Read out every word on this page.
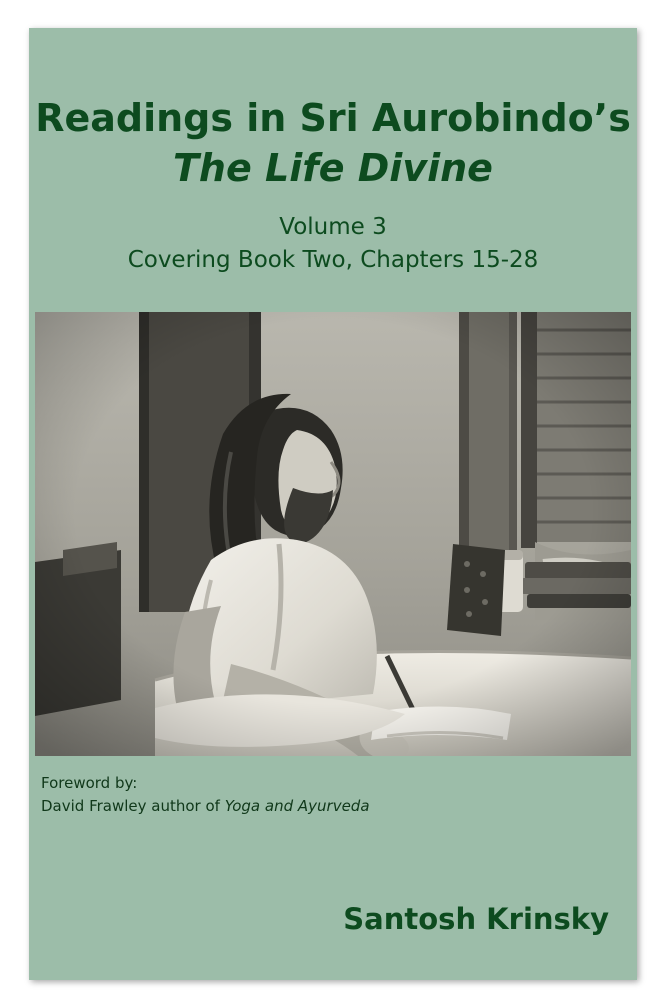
Readings in Sri Aurobindo’s
The Life Divine
Volume 3
Covering Book Two, Chapters 15-28
Foreword by:
David Frawley author of Yoga and Ayurveda
Santosh Krinsky
